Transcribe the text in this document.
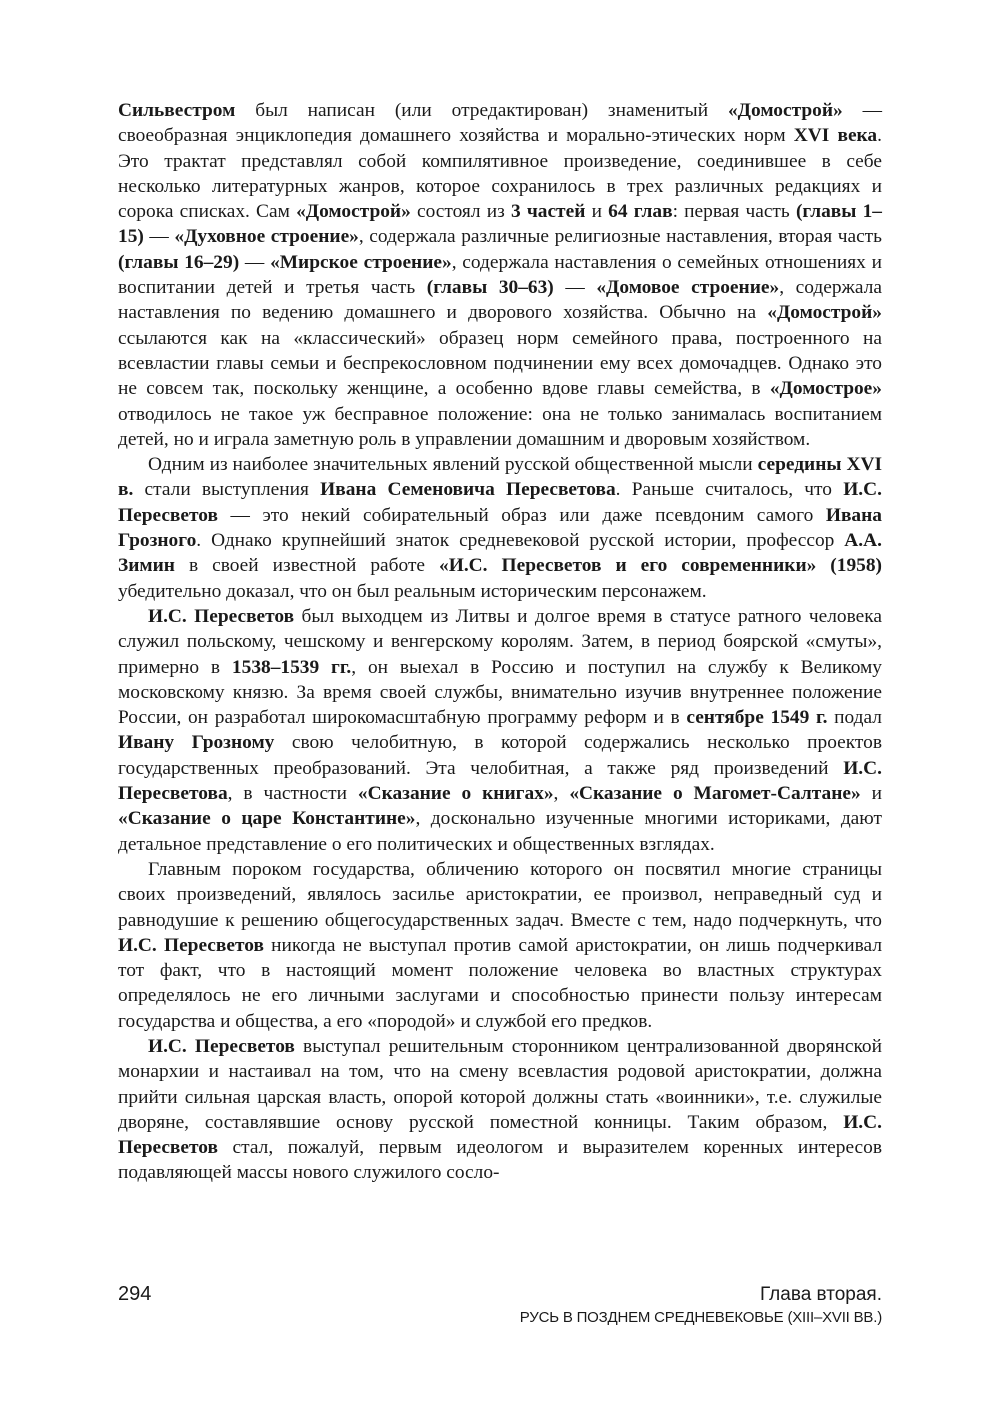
Сильвестром был написан (или отредактирован) знаменитый «Домострой» — своеобразная энциклопедия домашнего хозяйства и морально-этических норм XVI века. Это трактат представлял собой компилятивное произведение, соединившее в себе несколько литературных жанров, которое сохранилось в трех различных редакциях и сорока списках. Сам «Домострой» состоял из 3 частей и 64 глав: первая часть (главы 1–15) — «Духовное строение», содержала различные религиозные наставления, вторая часть (главы 16–29) — «Мирское строение», содержала наставления о семейных отношениях и воспитании детей и третья часть (главы 30–63) — «Домовое строение», содержала наставления по ведению домашнего и дворового хозяйства. Обычно на «Домострой» ссылаются как на «классический» образец норм семейного права, построенного на всевластии главы семьи и беспрекословном подчинении ему всех домочадцев. Однако это не совсем так, поскольку женщине, а особенно вдове главы семейства, в «Домострое» отводилось не такое уж бесправное положение: она не только занималась воспитанием детей, но и играла заметную роль в управлении домашним и дворовым хозяйством.

Одним из наиболее значительных явлений русской общественной мысли середины XVI в. стали выступления Ивана Семеновича Пересветова. Раньше считалось, что И.С. Пересветов — это некий собирательный образ или даже псевдоним самого Ивана Грозного. Однако крупнейший знаток средневековой русской истории, профессор А.А. Зимин в своей известной работе «И.С. Пересветов и его современники» (1958) убедительно доказал, что он был реальным историческим персонажем.

И.С. Пересветов был выходцем из Литвы и долгое время в статусе ратного человека служил польскому, чешскому и венгерскому королям. Затем, в период боярской «смуты», примерно в 1538–1539 гг., он выехал в Россию и поступил на службу к Великому московскому князю. За время своей службы, внимательно изучив внутреннее положение России, он разработал широкомасштабную программу реформ и в сентябре 1549 г. подал Ивану Грозному свою челобитную, в которой содержались несколько проектов государственных преобразований. Эта челобитная, а также ряд произведений И.С. Пересветова, в частности «Сказание о книгах», «Сказание о Магомет-Салтане» и «Сказание о царе Константине», досконально изученные многими историками, дают детальное представление о его политических и общественных взглядах.

Главным пороком государства, обличению которого он посвятил многие страницы своих произведений, являлось засилье аристократии, ее произвол, неправедный суд и равнодушие к решению общегосударственных задач. Вместе с тем, надо подчеркнуть, что И.С. Пересветов никогда не выступал против самой аристократии, он лишь подчеркивал тот факт, что в настоящий момент положение человека во властных структурах определялось не его личными заслугами и способностью принести пользу интересам государства и общества, а его «породой» и службой его предков.

И.С. Пересветов выступал решительным сторонником централизованной дворянской монархии и настаивал на том, что на смену всевластия родовой аристократии, должна прийти сильная царская власть, опорой которой должны стать «воинники», т.е. служилые дворяне, составлявшие основу русской поместной конницы. Таким образом, И.С. Пересветов стал, пожалуй, первым идеологом и выразителем коренных интересов подавляющей массы нового служилого сосло-

294	Глава вторая.
РУСЬ В ПОЗДНЕМ СРЕДНЕВЕКОВЬЕ (XIII–XVII ВВ.)
